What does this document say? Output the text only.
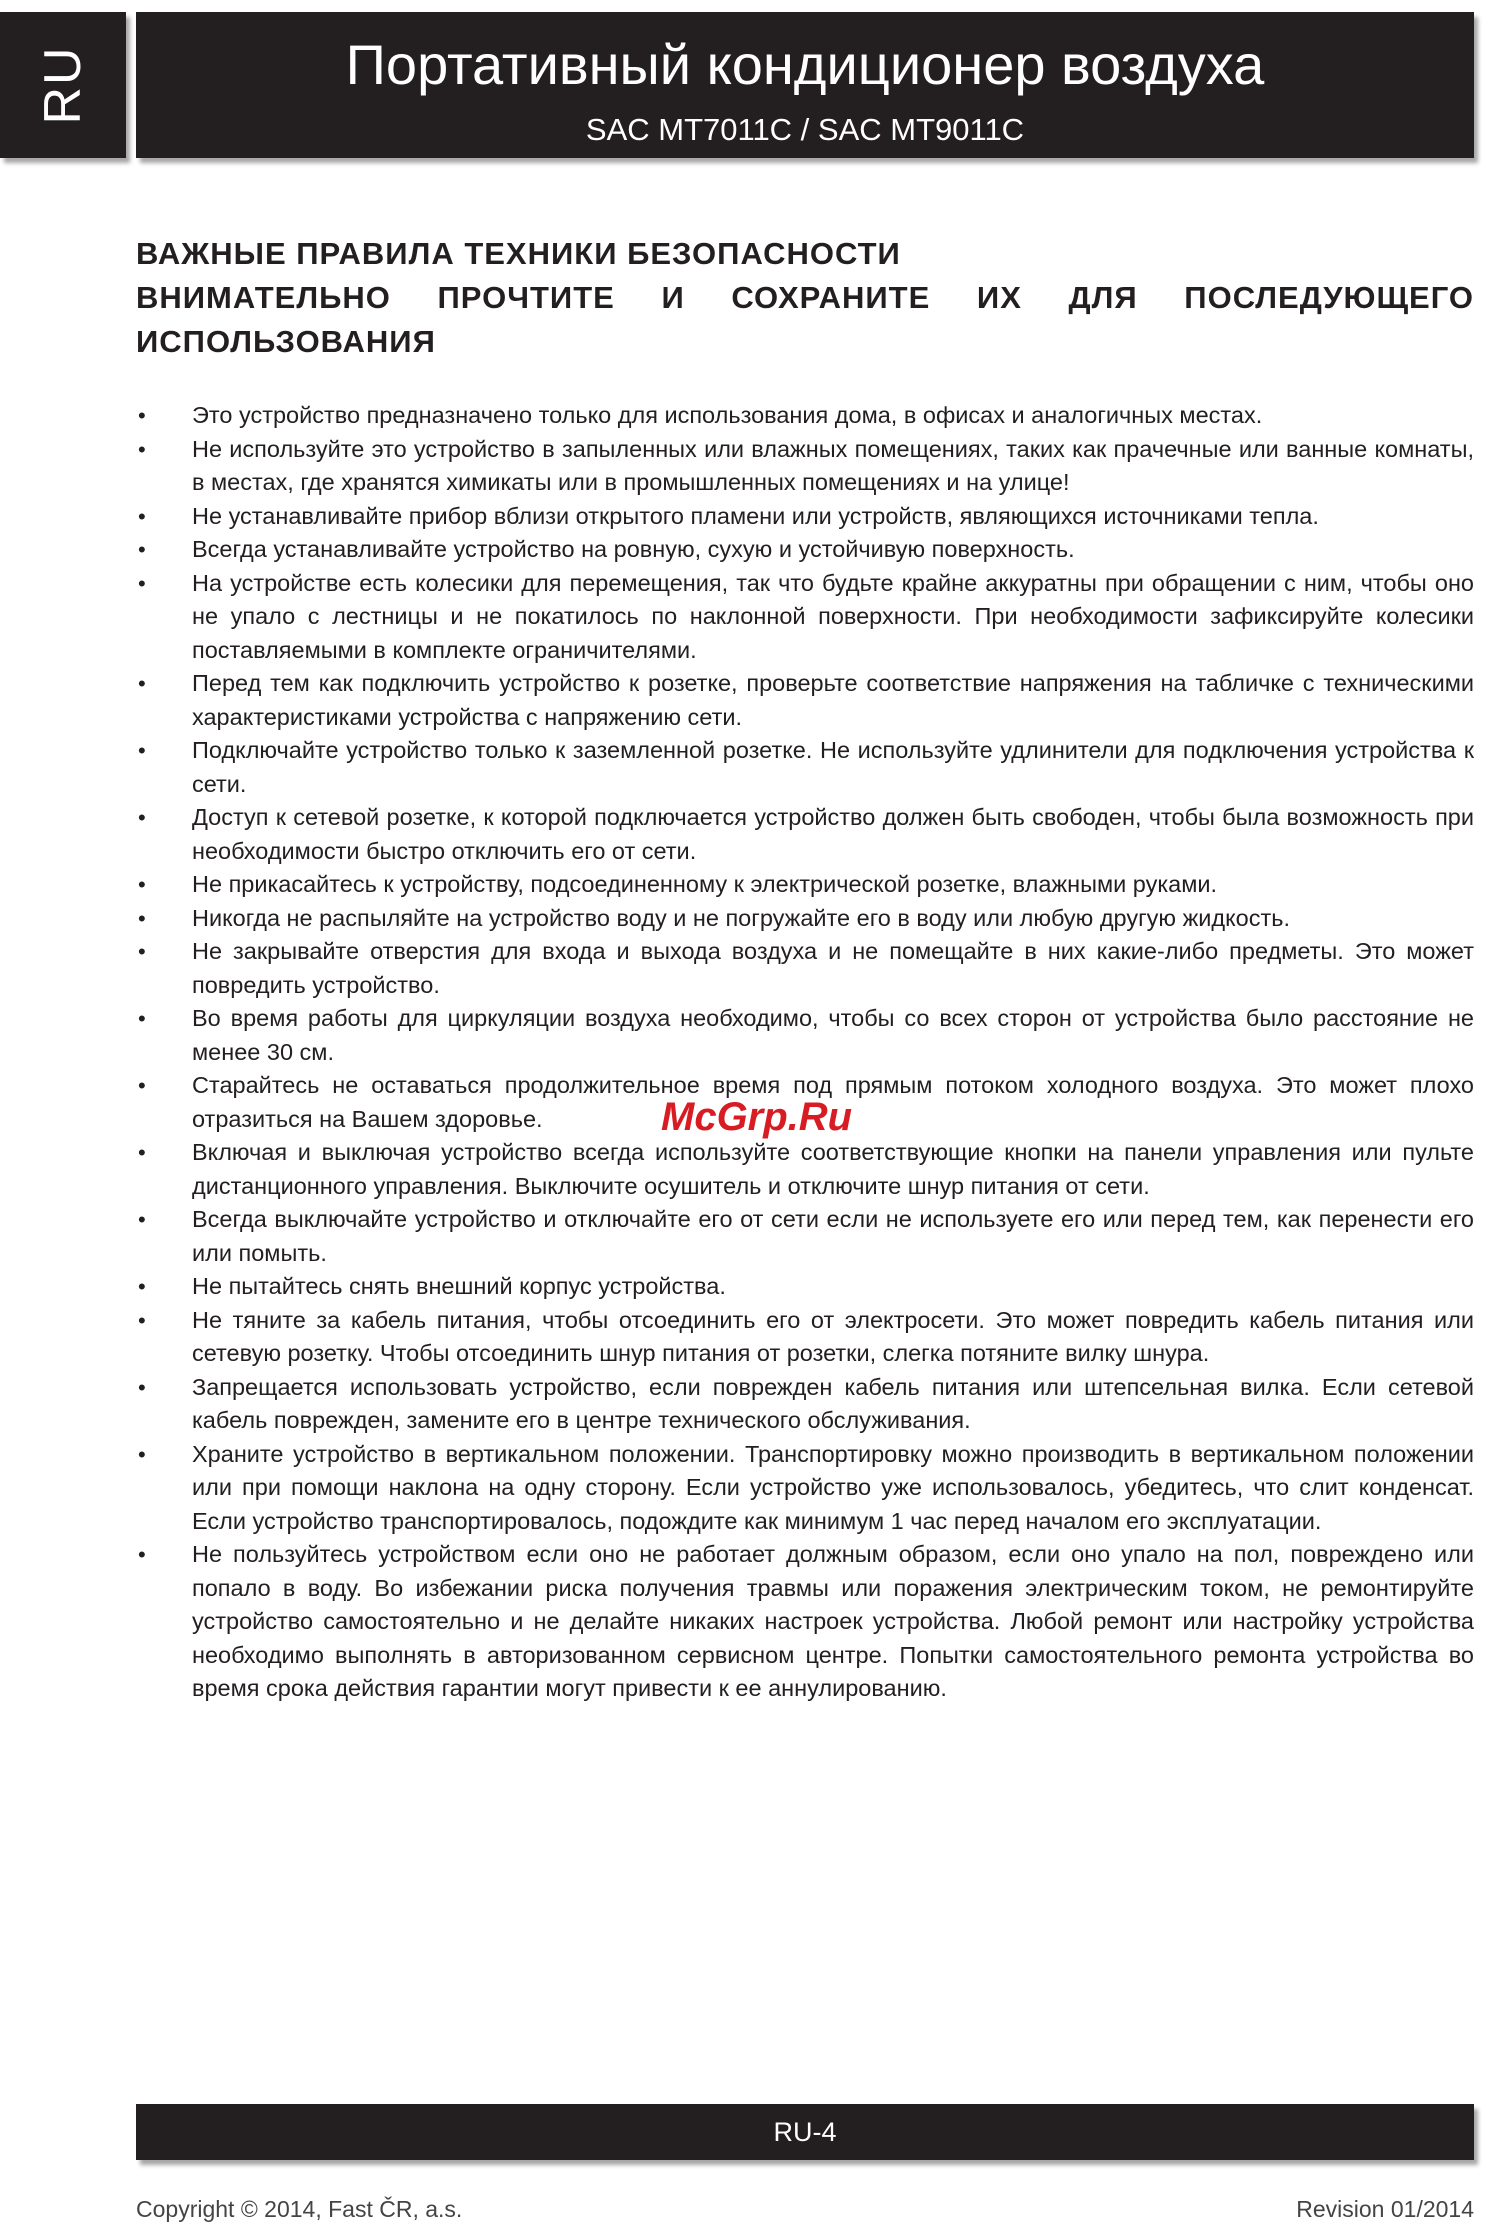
RU	Портативный кондиционер воздуха
SAC MT7011C / SAC MT9011C

ВАЖНЫЕ ПРАВИЛА ТЕХНИКИ БЕЗОПАСНОСТИ

ВНИМАТЕЛЬНО ПРОЧТИТЕ И СОХРАНИТЕ ИХ ДЛЯ ПОСЛЕДУЮЩЕГО

ИСПОЛЬЗОВАНИЯ

• Это устройство предназначено только для использования дома, в офисах и аналогичных местах.
• Не используйте это устройство в запыленных или влажных помещениях, таких как прачечные или ванные комнаты, в местах, где хранятся химикаты или в промышленных помещениях и на улице!
• Не устанавливайте прибор вблизи открытого пламени или устройств, являющихся источниками тепла.
• Всегда устанавливайте устройство на ровную, сухую и устойчивую поверхность.
• На устройстве есть колесики для перемещения, так что будьте крайне аккуратны при обращении с ним, чтобы оно не упало с лестницы и не покатилось по наклонной поверхности. При необходимости зафиксируйте колесики поставляемыми в комплекте ограничителями.
• Перед тем как подключить устройство к розетке, проверьте соответствие напряжения на табличке с техническими характеристиками устройства с напряжению сети.
• Подключайте устройство только к заземленной розетке. Не используйте удлинители для подключения устройства к сети.
• Доступ к сетевой розетке, к которой подключается устройство должен быть свободен, чтобы была возможность при необходимости быстро отключить его от сети.
• Не прикасайтесь к устройству, подсоединенному к электрической розетке, влажными руками.
• Никогда не распыляйте на устройство воду и не погружайте его в воду или любую другую жидкость.
• Не закрывайте отверстия для входа и выхода воздуха и не помещайте в них какие-либо предметы. Это может повредить устройство.
• Во время работы для циркуляции воздуха необходимо, чтобы со всех сторон от устройства было расстояние не менее 30 см.
• Старайтесь не оставаться продолжительное время под прямым потоком холодного воздуха. Это может плохо отразиться на Вашем здоровье.
• Включая и выключая устройство всегда используйте соответствующие кнопки на панели управления или пульте дистанционного управления. Выключите осушитель и отключите шнур питания от сети.
• Всегда выключайте устройство и отключайте его от сети если не используете его или перед тем, как перенести его или помыть.
• Не пытайтесь снять внешний корпус устройства.
• Не тяните за кабель питания, чтобы отсоединить его от электросети. Это может повредить кабель питания или сетевую розетку. Чтобы отсоединить шнур питания от розетки, слегка потяните вилку шнура.
• Запрещается использовать устройство, если поврежден кабель питания или штепсельная вилка. Если сетевой кабель поврежден, замените его в центре технического обслуживания.
• Храните устройство в вертикальном положении. Транспортировку можно производить в вертикальном положении или при помощи наклона на одну сторону. Если устройство уже использовалось, убедитесь, что слит конденсат. Если устройство транспортировалось, подождите как минимум 1 час перед началом его эксплуатации.
• Не пользуйтесь устройством если оно не работает должным образом, если оно упало на пол, повреждено или попало в воду. Во избежании риска получения травмы или поражения электрическим током, не ремонтируйте устройство самостоятельно и не делайте никаких настроек устройства. Любой ремонт или настройку устройства необходимо выполнять в авторизованном сервисном центре. Попытки самостоятельного ремонта устройства во время срока действия гарантии могут привести к ее аннулированию.
McGrp.Ru
RU-4
Copyright © 2014, Fast ČR, a.s.	Revision 01/2014
